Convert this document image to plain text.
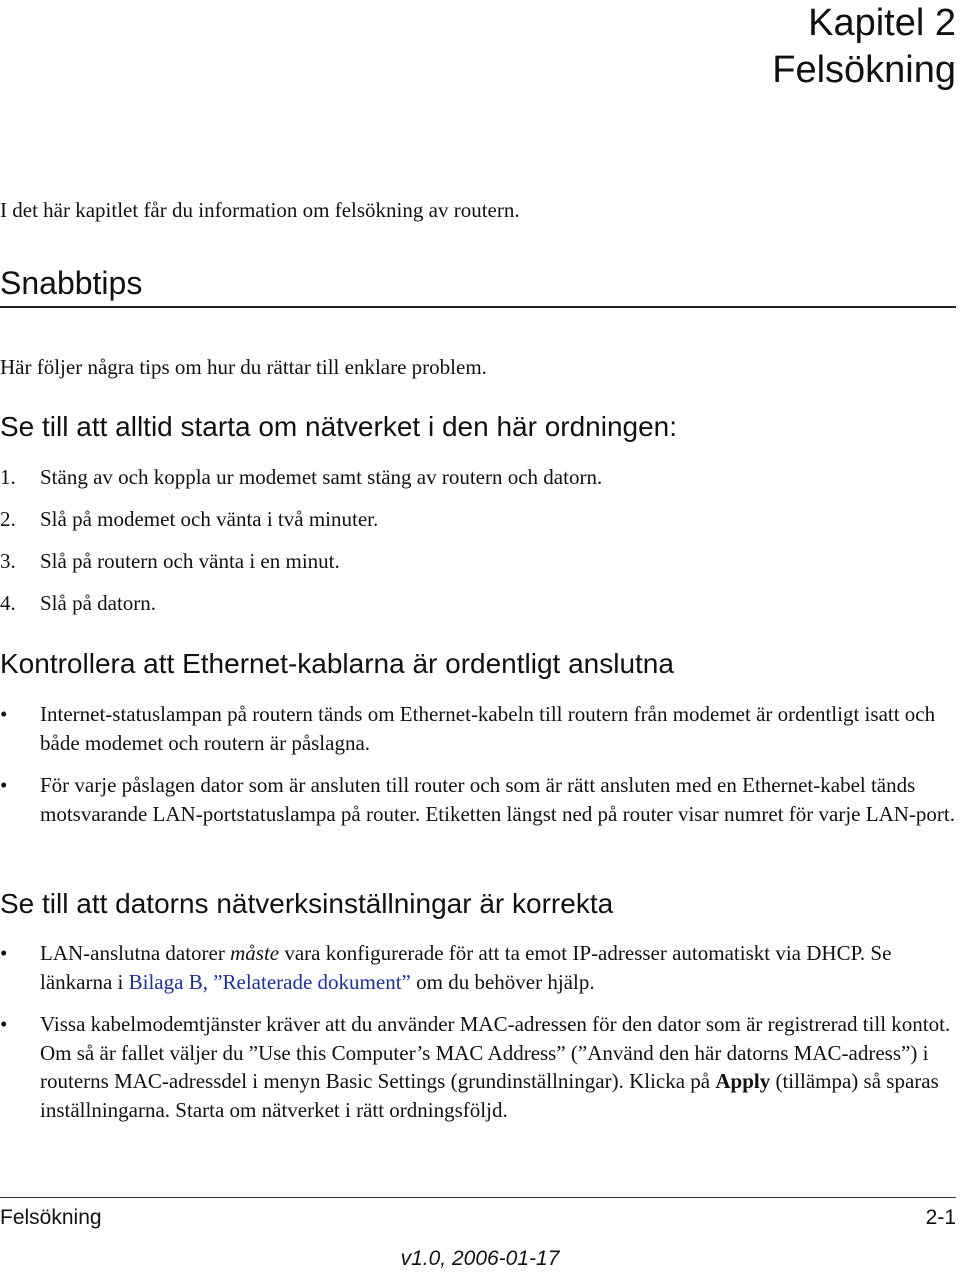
Kapitel 2
Felsökning
I det här kapitlet får du information om felsökning av routern.
Snabbtips
Här följer några tips om hur du rättar till enklare problem.
Se till att alltid starta om nätverket i den här ordningen:
1. Stäng av och koppla ur modemet samt stäng av routern och datorn.
2. Slå på modemet och vänta i två minuter.
3. Slå på routern och vänta i en minut.
4. Slå på datorn.
Kontrollera att Ethernet-kablarna är ordentligt anslutna
• Internet-statuslampan på routern tänds om Ethernet-kabeln till routern från modemet är ordentligt isatt och både modemet och routern är påslagna.
• För varje påslagen dator som är ansluten till router och som är rätt ansluten med en Ethernet-kabel tänds motsvarande LAN-portstatuslampa på router. Etiketten längst ned på router visar numret för varje LAN-port.
Se till att datorns nätverksinställningar är korrekta
• LAN-anslutna datorer måste vara konfigurerade för att ta emot IP-adresser automatiskt via DHCP. Se länkarna i Bilaga B, ”Relaterade dokument” om du behöver hjälp.
• Vissa kabelmodemtjänster kräver att du använder MAC-adressen för den dator som är registrerad till kontot. Om så är fallet väljer du ”Use this Computer’s MAC Address” (”Använd den här datorns MAC-adress”) i routerns MAC-adressdel i menyn Basic Settings (grundinställningar). Klicka på Apply (tillämpa) så sparas inställningarna. Starta om nätverket i rätt ordningsföljd.
Felsökning	2-1
v1.0, 2006-01-17
